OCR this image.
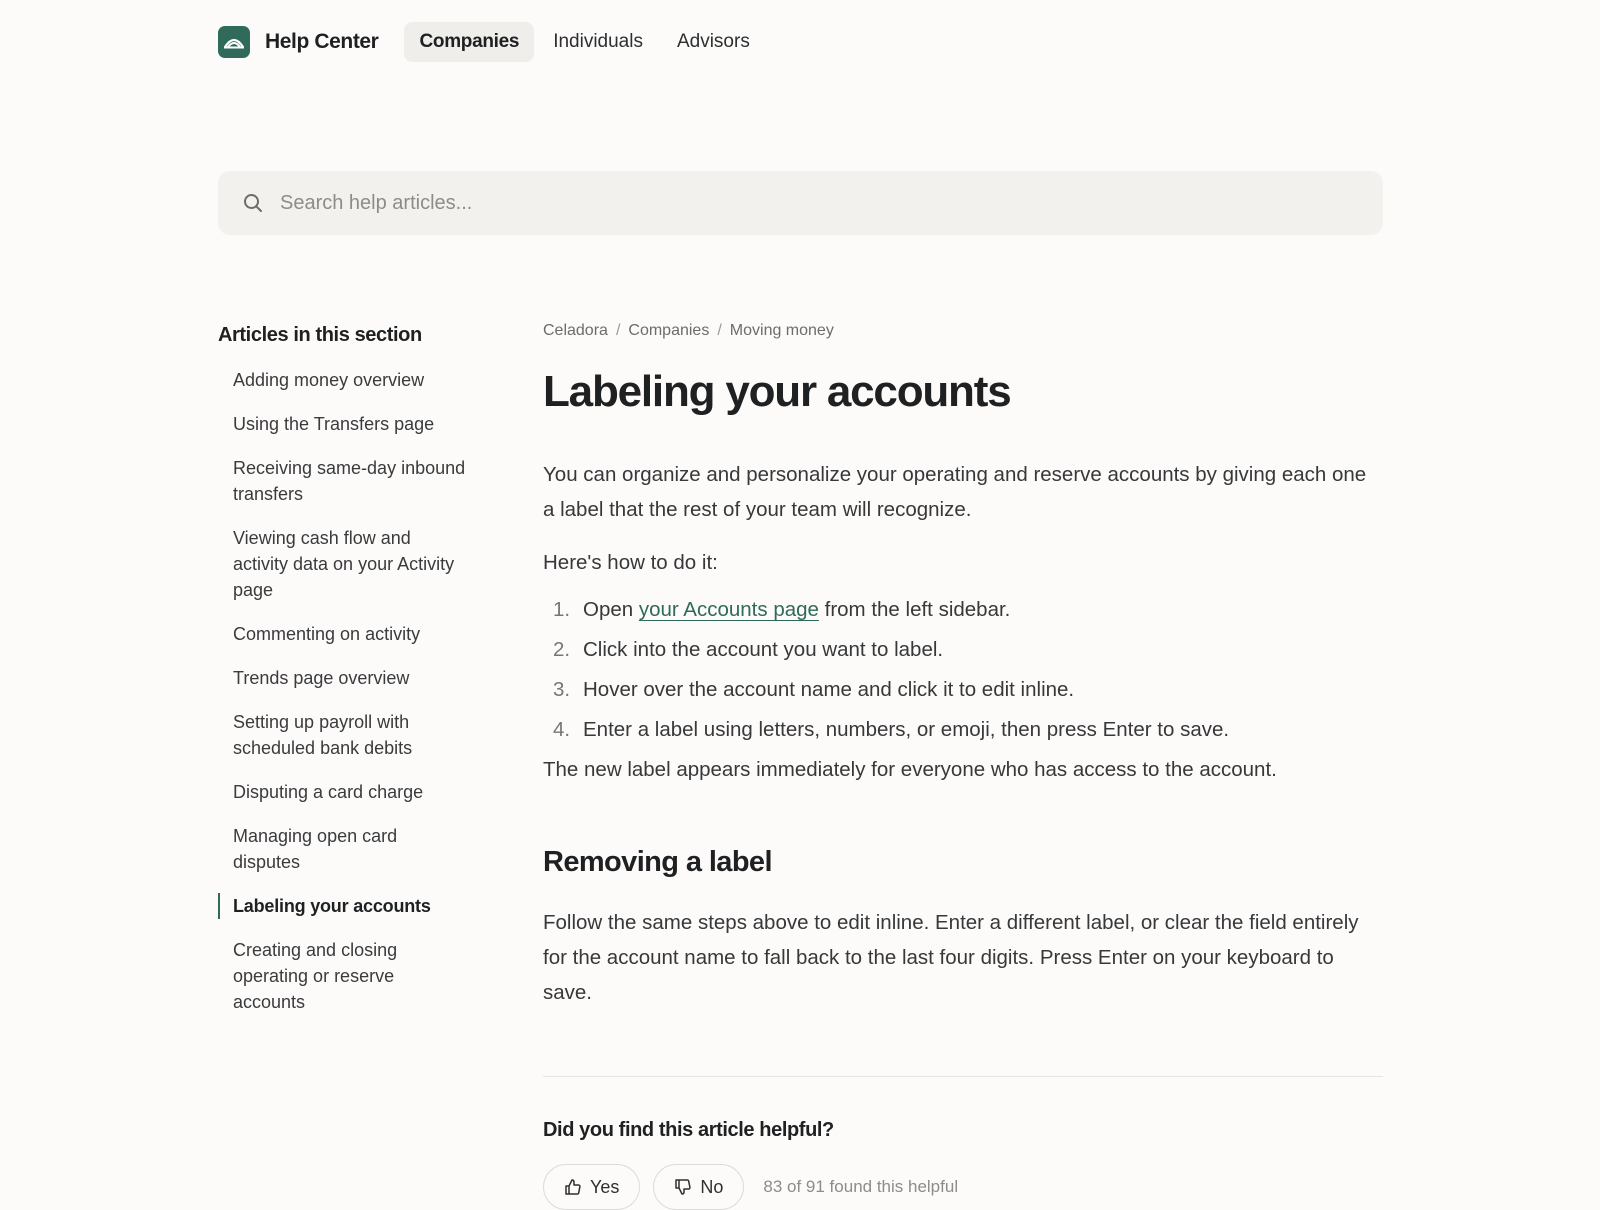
Help Center	Companies	Individuals	Advisors
Search help articles...
Articles in this section
Adding money overview
Using the Transfers page
Receiving same-day inbound transfers
Viewing cash flow and activity data on your Activity page
Commenting on activity
Trends page overview
Setting up payroll with scheduled bank debits
Disputing a card charge
Managing open card disputes
Labeling your accounts
Creating and closing operating or reserve accounts
Celadora / Companies / Moving money
Labeling your accounts

You can organize and personalize your operating and reserve accounts by giving each one a label that the rest of your team will recognize.

Here's how to do it:

1. Open your Accounts page from the left sidebar.
2. Click into the account you want to label.
3. Hover over the account name and click it to edit inline.
4. Enter a label using letters, numbers, or emoji, then press Enter to save.

The new label appears immediately for everyone who has access to the account.

Removing a label

Follow the same steps above to edit inline. Enter a different label, or clear the field entirely for the account name to fall back to the last four digits. Press Enter on your keyboard to save.

Did you find this article helpful?
Yes	No 83 of 91 found this helpful
